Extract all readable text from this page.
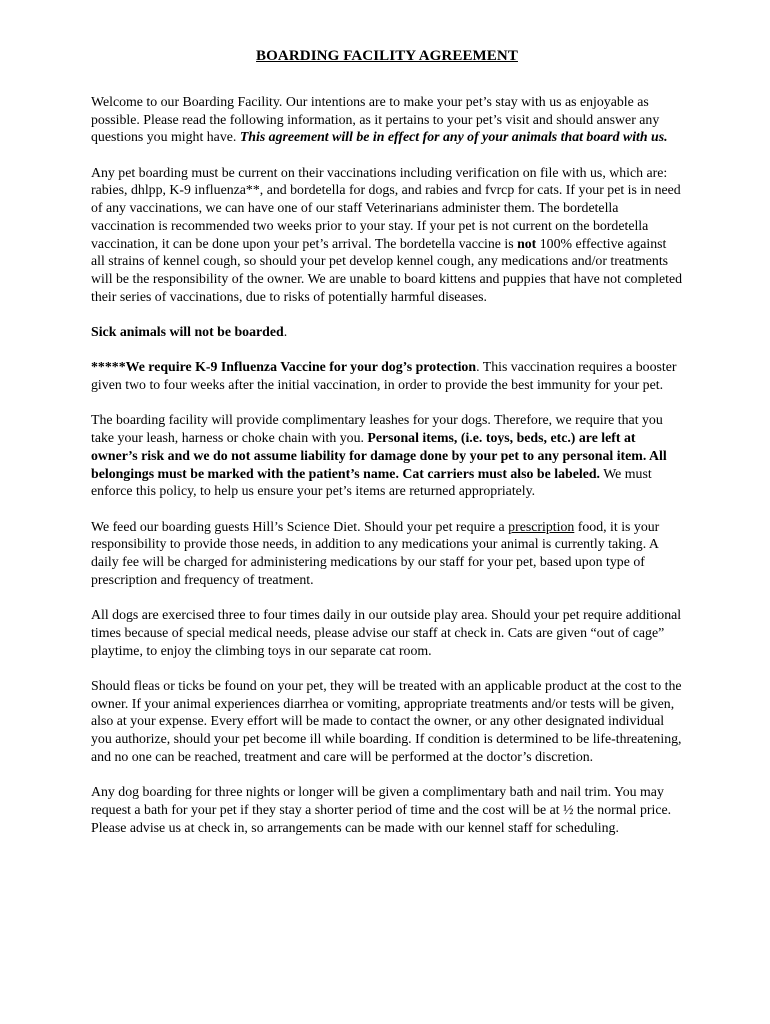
BOARDING FACILITY AGREEMENT

Welcome to our Boarding Facility. Our intentions are to make your pet’s stay with us as enjoyable as possible. Please read the following information, as it pertains to your pet’s visit and should answer any questions you might have. This agreement will be in effect for any of your animals that board with us.

Any pet boarding must be current on their vaccinations including verification on file with us, which are: rabies, dhlpp, K-9 influenza**, and bordetella for dogs, and rabies and fvrcp for cats. If your pet is in need of any vaccinations, we can have one of our staff Veterinarians administer them. The bordetella vaccination is recommended two weeks prior to your stay. If your pet is not current on the bordetella vaccination, it can be done upon your pet’s arrival. The bordetella vaccine is not 100% effective against all strains of kennel cough, so should your pet develop kennel cough, any medications and/or treatments will be the responsibility of the owner. We are unable to board kittens and puppies that have not completed their series of vaccinations, due to risks of potentially harmful diseases.

Sick animals will not be boarded.

*****We require K-9 Influenza Vaccine for your dog’s protection. This vaccination requires a booster given two to four weeks after the initial vaccination, in order to provide the best immunity for your pet.

The boarding facility will provide complimentary leashes for your dogs. Therefore, we require that you take your leash, harness or choke chain with you. Personal items, (i.e. toys, beds, etc.) are left at owner’s risk and we do not assume liability for damage done by your pet to any personal item. All belongings must be marked with the patient’s name. Cat carriers must also be labeled. We must enforce this policy, to help us ensure your pet’s items are returned appropriately.

We feed our boarding guests Hill’s Science Diet. Should your pet require a prescription food, it is your responsibility to provide those needs, in addition to any medications your animal is currently taking. A daily fee will be charged for administering medications by our staff for your pet, based upon type of prescription and frequency of treatment.

All dogs are exercised three to four times daily in our outside play area. Should your pet require additional times because of special medical needs, please advise our staff at check in. Cats are given “out of cage” playtime, to enjoy the climbing toys in our separate cat room.

Should fleas or ticks be found on your pet, they will be treated with an applicable product at the cost to the owner. If your animal experiences diarrhea or vomiting, appropriate treatments and/or tests will be given, also at your expense. Every effort will be made to contact the owner, or any other designated individual you authorize, should your pet become ill while boarding. If condition is determined to be life-threatening, and no one can be reached, treatment and care will be performed at the doctor’s discretion.

Any dog boarding for three nights or longer will be given a complimentary bath and nail trim. You may request a bath for your pet if they stay a shorter period of time and the cost will be at ½ the normal price. Please advise us at check in, so arrangements can be made with our kennel staff for scheduling.
